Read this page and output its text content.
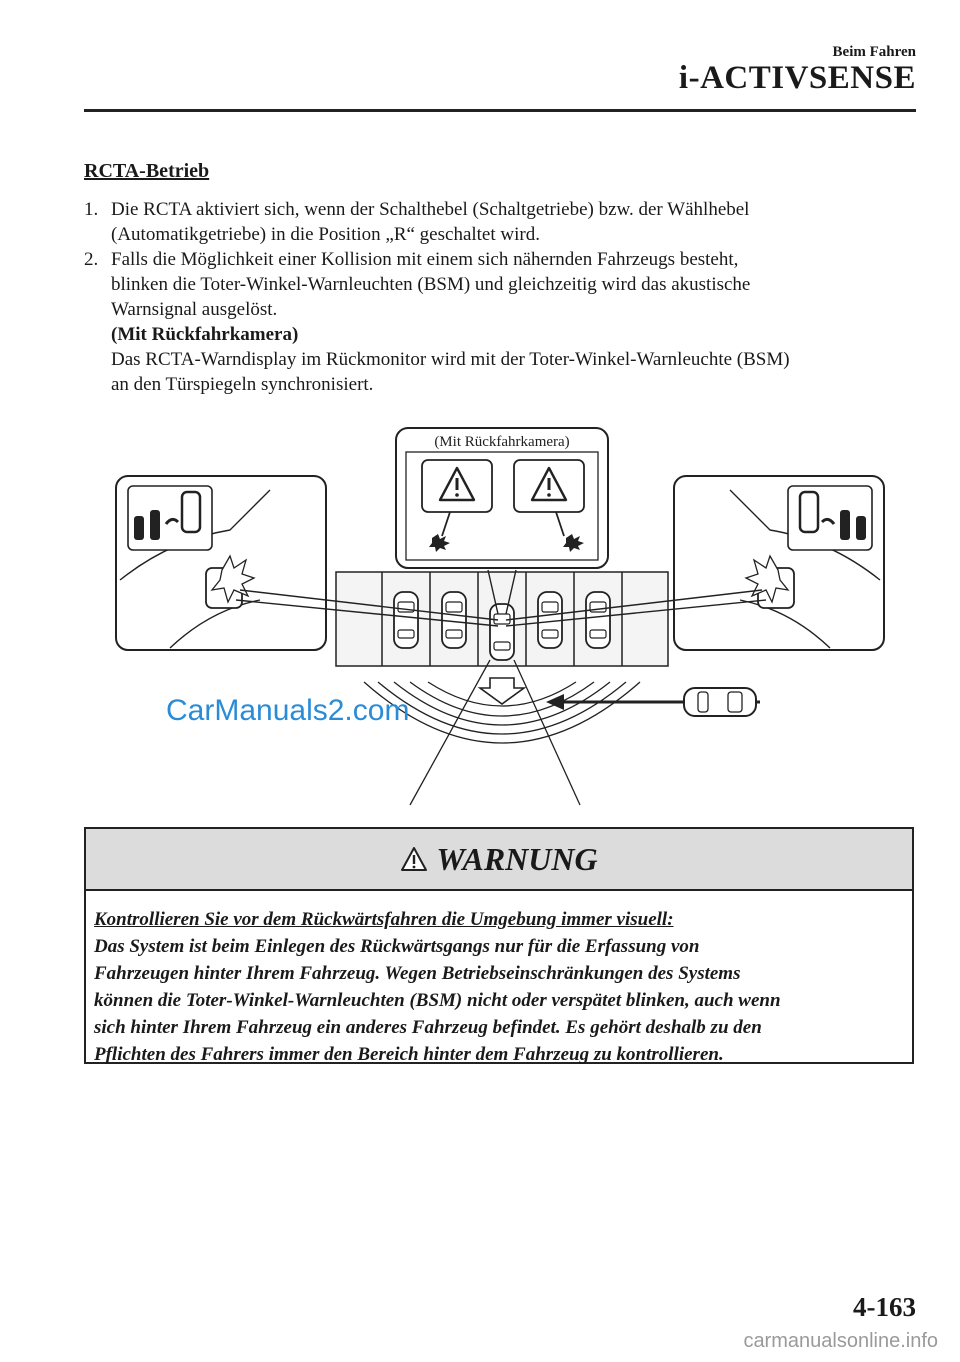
Beim Fahren
i-ACTIVSENSE
RCTA-Betrieb
1. Die RCTA aktiviert sich, wenn der Schalthebel (Schaltgetriebe) bzw. der Wählhebel
(Automatikgetriebe) in die Position „R“ geschaltet wird.
2. Falls die Möglichkeit einer Kollision mit einem sich nähernden Fahrzeugs besteht,
blinken die Toter-Winkel-Warnleuchten (BSM) und gleichzeitig wird das akustische
Warnsignal ausgelöst.
(Mit Rückfahrkamera)
Das RCTA-Warndisplay im Rückmonitor wird mit der Toter-Winkel-Warnleuchte (BSM)
an den Türspiegeln synchronisiert.
(Mit Rückfahrkamera)
CarManuals2.com
WARNUNG
Kontrollieren Sie vor dem Rückwärtsfahren die Umgebung immer visuell:
Das System ist beim Einlegen des Rückwärtsgangs nur für die Erfassung von
Fahrzeugen hinter Ihrem Fahrzeug. Wegen Betriebseinschränkungen des Systems
können die Toter-Winkel-Warnleuchten (BSM) nicht oder verspätet blinken, auch wenn
sich hinter Ihrem Fahrzeug ein anderes Fahrzeug befindet. Es gehört deshalb zu den
Pflichten des Fahrers immer den Bereich hinter dem Fahrzeug zu kontrollieren.
4-163
carmanualsonline.info
